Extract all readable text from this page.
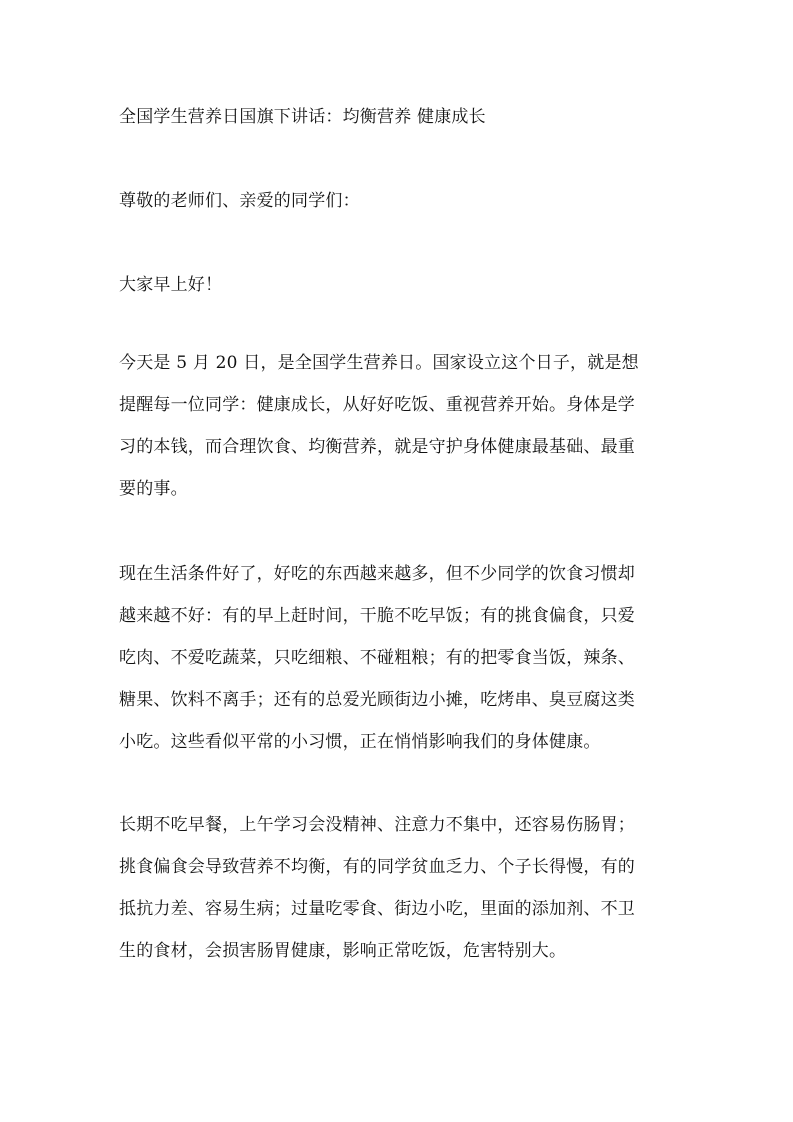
全国学生营养日国旗下讲话：均衡营养 健康成长
尊敬的老师们、亲爱的同学们：
大家早上好！
今天是 5 月 20 日，是全国学生营养日。国家设立这个日子，就是想
提醒每一位同学：健康成长，从好好吃饭、重视营养开始。身体是学
习的本钱，而合理饮食、均衡营养，就是守护身体健康最基础、最重
要的事。
现在生活条件好了，好吃的东西越来越多，但不少同学的饮食习惯却
越来越不好：有的早上赶时间，干脆不吃早饭；有的挑食偏食，只爱
吃肉、不爱吃蔬菜，只吃细粮、不碰粗粮；有的把零食当饭，辣条、
糖果、饮料不离手；还有的总爱光顾街边小摊，吃烤串、臭豆腐这类
小吃。这些看似平常的小习惯，正在悄悄影响我们的身体健康。
长期不吃早餐，上午学习会没精神、注意力不集中，还容易伤肠胃；
挑食偏食会导致营养不均衡，有的同学贫血乏力、个子长得慢，有的
抵抗力差、容易生病；过量吃零食、街边小吃，里面的添加剂、不卫
生的食材，会损害肠胃健康，影响正常吃饭，危害特别大。
